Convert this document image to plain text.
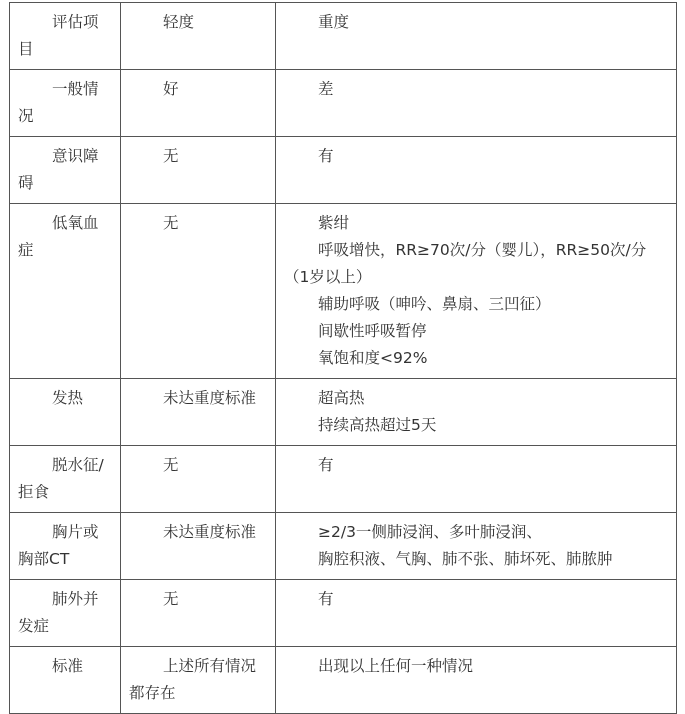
评估项目	轻度	重度
一般情况	好	差

意识障碍	无	有

低氧血症	无	紫绀
呼吸增快，RR≥70次/分（婴儿），RR≥50次/分（1岁以上）
辅助呼吸（呻吟、鼻扇、三凹征）
间歇性呼吸暂停
氧饱和度<92%

发热	未达重度标准	超高热
持续高热超过5天

脱水征/拒食	无	有

胸片或胸部CT	未达重度标准	≥2/3一侧肺浸润、多叶肺浸润、
胸腔积液、气胸、肺不张、肺坏死、肺脓肿

肺外并发症	无	有

标准	上述所有情况都存在	出现以上任何一种情况
